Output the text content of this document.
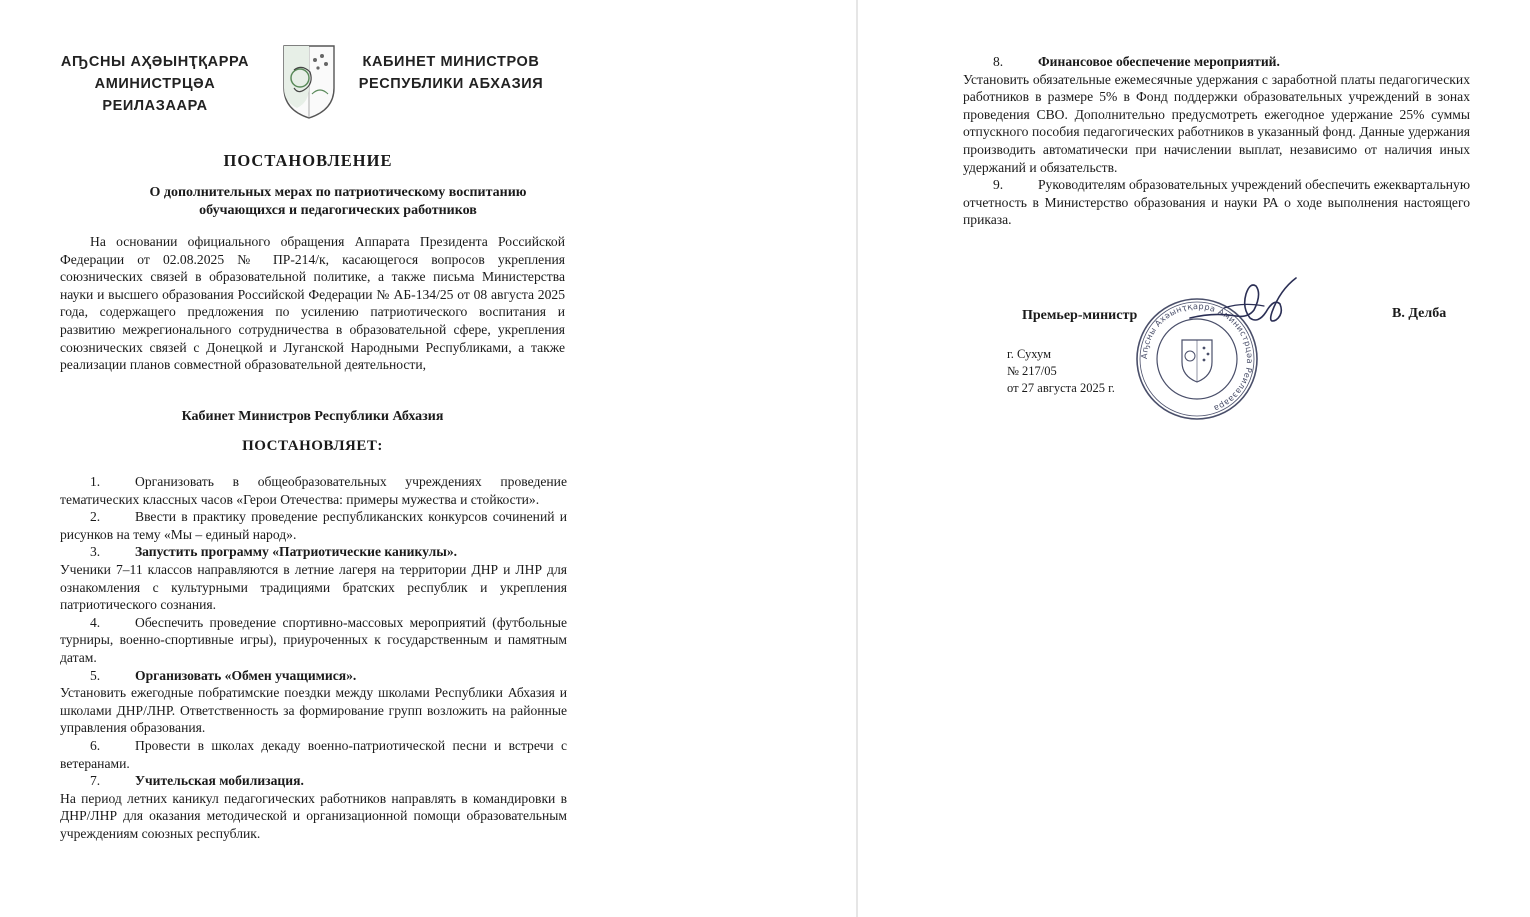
АҦСНЫ АҲӘЫНҬҚАРРА
АМИНИСТРЦӘА РЕИЛАЗААРА
КАБИНЕТ МИНИСТРОВ
РЕСПУБЛИКИ АБХАЗИЯ
ПОСТАНОВЛЕНИЕ
О дополнительных мерах по патриотическому воспитанию
обучающихся и педагогических работников
На основании официального обращения Аппарата Президента Российской Федерации от 02.08.2025 № ПР-214/к, касающегося вопросов укрепления союзнических связей в образовательной политике, а также письма Министерства науки и высшего образования Российской Федерации № АБ-134/25 от 08 августа 2025 года, содержащего предложения по усилению патриотического воспитания и развитию межрегионального сотрудничества в образовательной сфере, укрепления союзнических связей с Донецкой и Луганской Народными Республиками, а также реализации планов совместной образовательной деятельности,
Кабинет Министров Республики Абхазия
ПОСТАНОВЛЯЕТ:
1.	Организовать в общеобразовательных учреждениях проведение тематических классных часов «Герои Отечества: примеры мужества и стойкости».
2.	Ввести в практику проведение республиканских конкурсов сочинений и рисунков на тему «Мы – единый народ».
3.	Запустить программу «Патриотические каникулы».
Ученики 7–11 классов направляются в летние лагеря на территории ДНР и ЛНР для ознакомления с культурными традициями братских республик и укрепления патриотического сознания.
4.	Обеспечить проведение спортивно-массовых мероприятий (футбольные турниры, военно-спортивные игры), приуроченных к государственным и памятным датам.
5.	Организовать «Обмен учащимися».
Установить ежегодные побратимские поездки между школами Республики Абхазия и школами ДНР/ЛНР. Ответственность за формирование групп возложить на районные управления образования.
6.	Провести в школах декаду военно-патриотической песни и встречи с ветеранами.
7.	Учительская мобилизация.
На период летних каникул педагогических работников направлять в командировки в ДНР/ЛНР для оказания методической и организационной помощи образовательным учреждениям союзных республик.
8.	Финансовое обеспечение мероприятий.
Установить обязательные ежемесячные удержания с заработной платы педагогических работников в размере 5% в Фонд поддержки образовательных учреждений в зонах проведения СВО. Дополнительно предусмотреть ежегодное удержание 25% суммы отпускного пособия педагогических работников в указанный фонд. Данные удержания производить автоматически при начислении выплат, независимо от наличия иных удержаний и обязательств.
9.	Руководителям образовательных учреждений обеспечить ежеквартальную отчетность в Министерство образования и науки РА о ходе выполнения настоящего приказа.
Премьер-министр
Аҧсны Ахәынҭқарра Аминистрцәа Реилазаара
В. Делба
г. Сухум
№ 217/05
от 27 августа 2025 г.
